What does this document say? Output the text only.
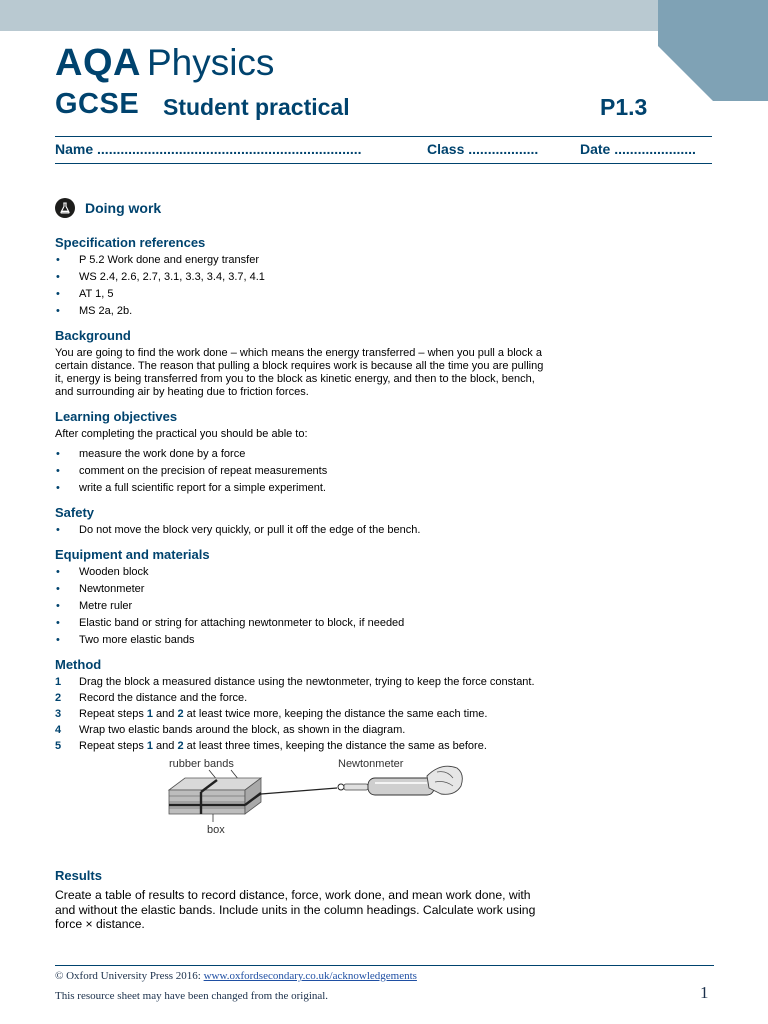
AQA Physics
GCSE Student practical	P1.3
Name ....................................................................	Class ..................	Date .....................
Doing work
Specification references
• P 5.2 Work done and energy transfer
• WS 2.4, 2.6, 2.7, 3.1, 3.3, 3.4, 3.7, 4.1
• AT 1, 5
• MS 2a, 2b.
Background

You are going to find the work done – which means the energy transferred – when you pull a block a
certain distance. The reason that pulling a block requires work is because all the time you are pulling
it, energy is being transferred from you to the block as kinetic energy, and then to the block, bench,
and surrounding air by heating due to friction forces.

Learning objectives

After completing the practical you should be able to:

• measure the work done by a force
• comment on the precision of repeat measurements
• write a full scientific report for a simple experiment.
Safety
• Do not move the block very quickly, or pull it off the edge of the bench.
Equipment and materials
• Wooden block
• Newtonmeter
• Metre ruler
• Elastic band or string for attaching newtonmeter to block, if needed
• Two more elastic bands
Method
1 Drag the block a measured distance using the newtonmeter, trying to keep the force constant.
2 Record the distance and the force.
3 Repeat steps 1 and 2 at least twice more, keeping the distance the same each time.
4 Wrap two elastic bands around the block, as shown in the diagram.
5 Repeat steps 1 and 2 at least three times, keeping the distance the same as before.
rubber bands	Newtonmeter
box
Results

Create a table of results to record distance, force, work done, and mean work done, with
and without the elastic bands. Include units in the column headings. Calculate work using
force × distance.

© Oxford University Press 2016: www.oxfordsecondary.co.uk/acknowledgements
This resource sheet may have been changed from the original.	1
